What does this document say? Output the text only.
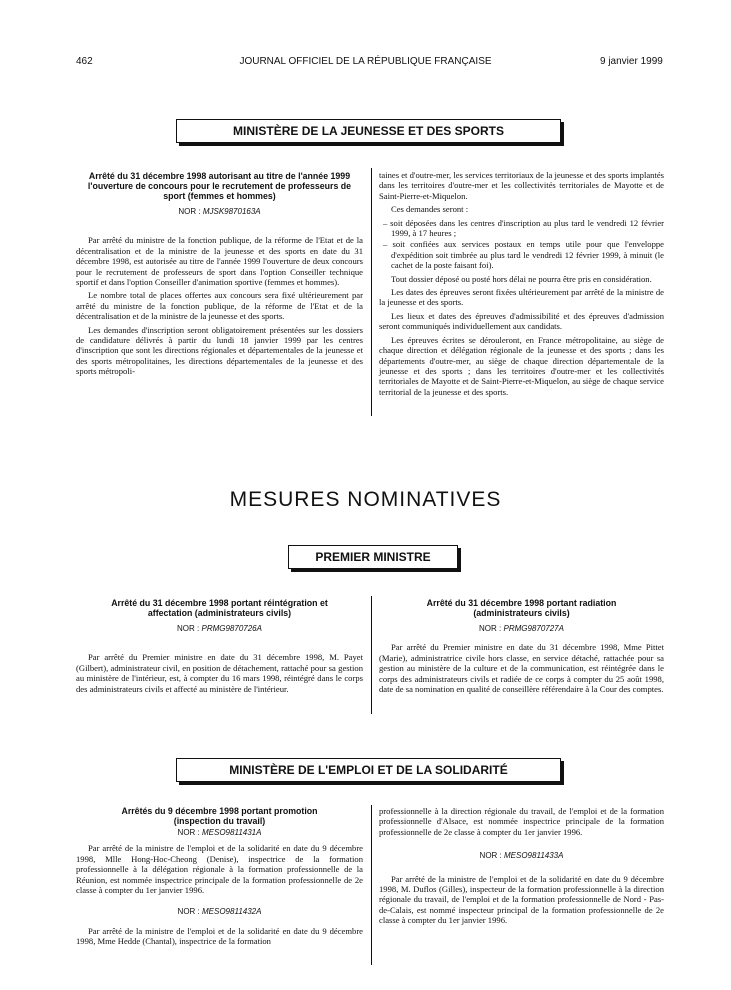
462	JOURNAL OFFICIEL DE LA RÉPUBLIQUE FRANÇAISE	9 janvier 1999
MINISTÈRE DE LA JEUNESSE ET DES SPORTS
Arrêté du 31 décembre 1998 autorisant au titre de l'année 1999 l'ouverture de concours pour le recrutement de professeurs de sport (femmes et hommes)
NOR : MJSK9870163A

Par arrêté du ministre de la fonction publique, de la réforme de l'Etat et de la décentralisation et de la ministre de la jeunesse et des sports en date du 31 décembre 1998, est autorisée au titre de l'année 1999 l'ouverture de deux concours pour le recrutement de professeurs de sport dans l'option Conseiller technique sportif et dans l'option Conseiller d'animation sportive (femmes et hommes).

Le nombre total de places offertes aux concours sera fixé ultérieurement par arrêté du ministre de la fonction publique, de la réforme de l'Etat et de la décentralisation et de la ministre de la jeunesse et des sports.

Les demandes d'inscription seront obligatoirement présentées sur les dossiers de candidature délivrés à partir du lundi 18 janvier 1999 par les centres d'inscription que sont les directions régionales et départementales de la jeunesse et des sports métropolitaines, les directions départementales de la jeunesse et des sports métropoli-

taines et d'outre-mer, les services territoriaux de la jeunesse et des sports implantés dans les territoires d'outre-mer et les collectivités territoriales de Mayotte et de Saint-Pierre-et-Miquelon.

Ces demandes seront :

– soit déposées dans les centres d'inscription au plus tard le vendredi 12 février 1999, à 17 heures ;
– soit confiées aux services postaux en temps utile pour que l'enveloppe d'expédition soit timbrée au plus tard le vendredi 12 février 1999, à minuit (le cachet de la poste faisant foi).

Tout dossier déposé ou posté hors délai ne pourra être pris en considération.

Les dates des épreuves seront fixées ultérieurement par arrêté de la ministre de la jeunesse et des sports.

Les lieux et dates des épreuves d'admissibilité et des épreuves d'admission seront communiqués individuellement aux candidats.

Les épreuves écrites se dérouleront, en France métropolitaine, au siège de chaque direction et délégation régionale de la jeunesse et des sports ; dans les départements d'outre-mer, au siège de chaque direction départementale de la jeunesse et des sports ; dans les territoires d'outre-mer et les collectivités territoriales de Mayotte et de Saint-Pierre-et-Miquelon, au siège de chaque service territorial de la jeunesse et des sports.

MESURES NOMINATIVES
PREMIER MINISTRE
Arrêté du 31 décembre 1998 portant réintégration et affectation (administrateurs civils)
NOR : PRMG9870726A

Par arrêté du Premier ministre en date du 31 décembre 1998, M. Payet (Gilbert), administrateur civil, en position de détachement, rattaché pour sa gestion au ministère de l'intérieur, est, à compter du 16 mars 1998, réintégré dans le corps des administrateurs civils et affecté au ministère de l'intérieur.

Arrêté du 31 décembre 1998 portant radiation (administrateurs civils)
NOR : PRMG9870727A

Par arrêté du Premier ministre en date du 31 décembre 1998, Mme Pittet (Marie), administratrice civile hors classe, en service détaché, rattachée pour sa gestion au ministère de la culture et de la communication, est réintégrée dans le corps des administrateurs civils et radiée de ce corps à compter du 25 août 1998, date de sa nomination en qualité de conseillère référendaire à la Cour des comptes.

MINISTÈRE DE L'EMPLOI ET DE LA SOLIDARITÉ
Arrêtés du 9 décembre 1998 portant promotion (inspection du travail)
NOR : MESO9811431A

Par arrêté de la ministre de l'emploi et de la solidarité en date du 9 décembre 1998, Mlle Hong-Hoc-Cheong (Denise), inspectrice de la formation professionnelle à la délégation régionale à la formation professionnelle de la Réunion, est nommée inspectrice principale de la formation professionnelle de 2e classe à compter du 1er janvier 1996.

NOR : MESO9811432A

Par arrêté de la ministre de l'emploi et de la solidarité en date du 9 décembre 1998, Mme Hedde (Chantal), inspectrice de la formation

professionnelle à la direction régionale du travail, de l'emploi et de la formation professionnelle d'Alsace, est nommée inspectrice principale de la formation professionnelle de 2e classe à compter du 1er janvier 1996.

NOR : MESO9811433A

Par arrêté de la ministre de l'emploi et de la solidarité en date du 9 décembre 1998, M. Duflos (Gilles), inspecteur de la formation professionnelle à la direction régionale du travail, de l'emploi et de la formation professionnelle de Nord - Pas-de-Calais, est nommé inspecteur principal de la formation professionnelle de 2e classe à compter du 1er janvier 1996.
